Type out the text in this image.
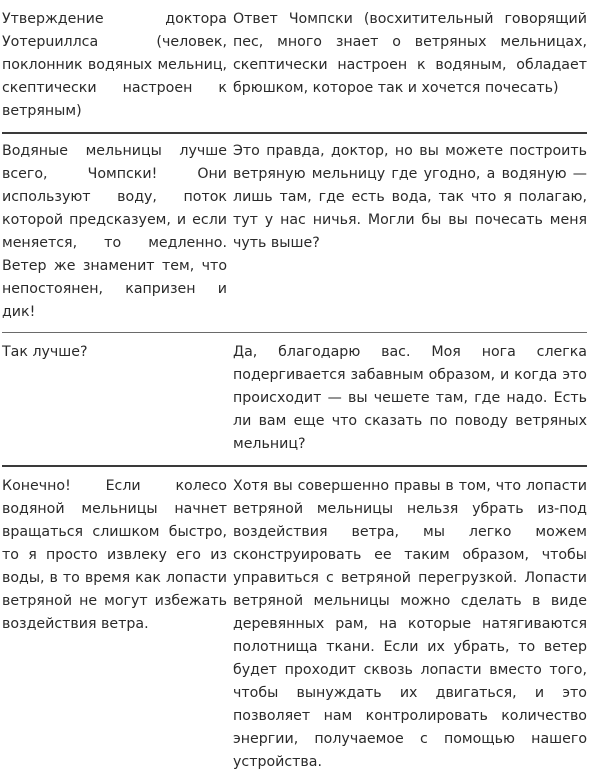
Утверждение доктора Уотерuиллса (человек, поклонник водяных мельниц, скептически настроен к ветряным)	Ответ Чомпски (восхитительный говорящий пес, много знает о ветряных мельницах, скептически настроен к водяным, обладает брюшком, которое так и хочется почесать)

Водяные мельницы лучше всего, Чомпски! Они используют воду, поток которой предсказуем, и если меняется, то медленно. Ветер же знаменит тем, что непостоянен, капризен и дик!	Это правда, доктор, но вы можете построить ветряную мельницу где угодно, а водяную — лишь там, где есть вода, так что я полагаю, тут у нас ничья. Могли бы вы почесать меня чуть выше?

Так лучше?	Да, благодарю вас. Моя нога слегка подергивается забавным образом, и когда это происходит — вы чешете там, где надо. Есть ли вам еще что сказать по поводу ветряных мельниц?

Конечно! Если колесо водяной мельницы начнет вращаться слишком быстро, то я просто извлеку его из воды, в то время как лопасти ветряной не могут избежать воздействия ветра.	Хотя вы совершенно правы в том, что лопасти ветряной мельницы нельзя убрать из-под воздействия ветра, мы легко можем сконструировать ее таким образом, чтобы управиться с ветряной перегрузкой. Лопасти ветряной мельницы можно сделать в виде деревянных рам, на которые натягиваются полотнища ткани. Если их убрать, то ветер будет проходит сквозь лопасти вместо того, чтобы вынуждать их двигаться, и это позволяет нам контролировать количество энергии, получаемое с помощью нашего устройства.
